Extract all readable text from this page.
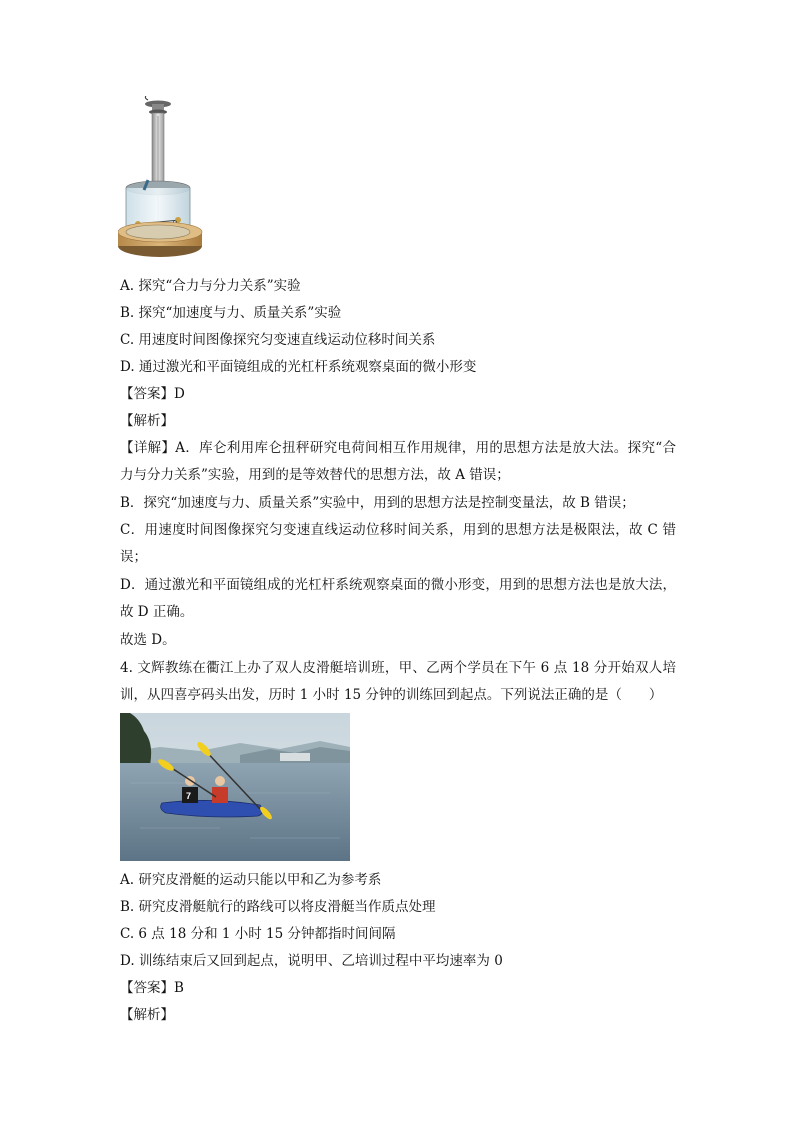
A. 探究“合力与分力关系”实验
B. 探究“加速度与力、质量关系”实验
C. 用速度时间图像探究匀变速直线运动位移时间关系
D. 通过激光和平面镜组成的光杠杆系统观察桌面的微小形变
【答案】D
【解析】
【详解】A．库仑利用库仑扭秤研究电荷间相互作用规律，用的思想方法是放大法。探究“合
力与分力关系”实验，用到的是等效替代的思想方法，故 A 错误；
B．探究“加速度与力、质量关系”实验中，用到的思想方法是控制变量法，故 B 错误；
C．用速度时间图像探究匀变速直线运动位移时间关系，用到的思想方法是极限法，故 C 错
误；
D．通过激光和平面镜组成的光杠杆系统观察桌面的微小形变，用到的思想方法也是放大法，
故 D 正确。
故选 D。
4. 文辉教练在衢江上办了双人皮滑艇培训班，甲、乙两个学员在下午 6 点 18 分开始双人培
训，从四喜亭码头出发，历时 1 小时 15 分钟的训练回到起点。下列说法正确的是（　　）
7
A. 研究皮滑艇的运动只能以甲和乙为参考系
B. 研究皮滑艇航行的路线可以将皮滑艇当作质点处理
C. 6 点 18 分和 1 小时 15 分钟都指时间间隔
D. 训练结束后又回到起点，说明甲、乙培训过程中平均速率为 0
【答案】B
【解析】
